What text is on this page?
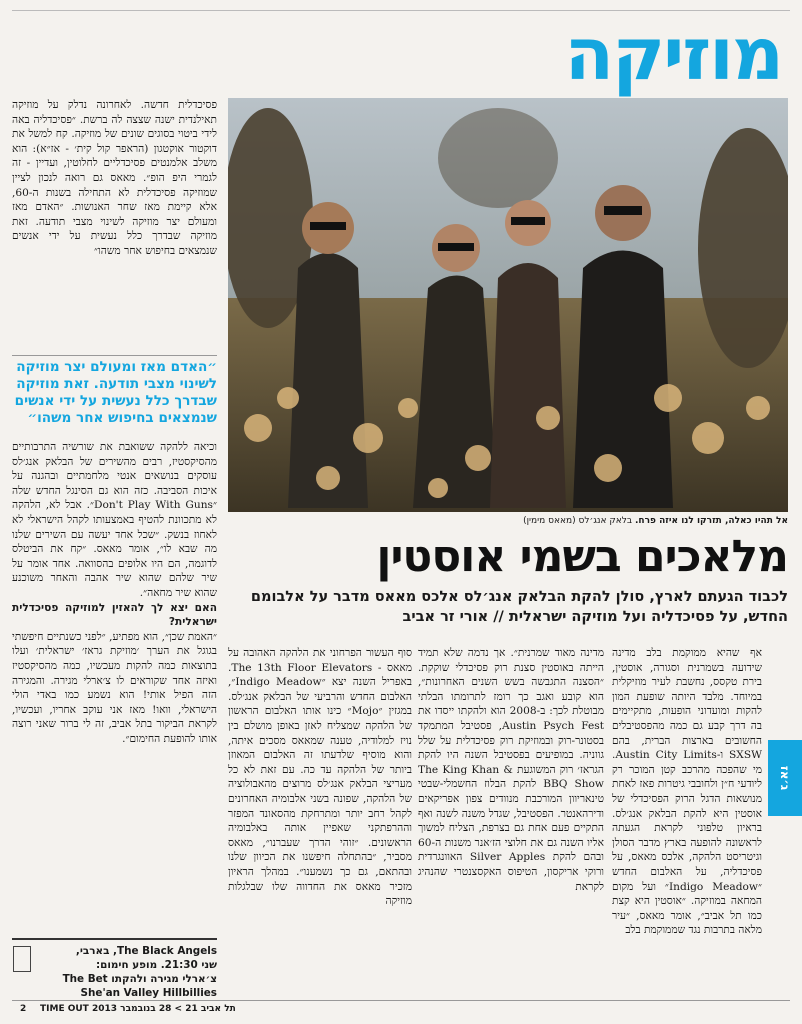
מוזיקה
אל תהיו כאלה, תזרקו לנו איזה פרח. בלאק אנג׳לס (מאאס מימין)
מלאכים בשמי אוסטין
לכבוד הגעתם לארץ, סולן להקת הבלאק אנג׳לס אלכס מאאס מדבר על אלבומם החדש, על פסיכדליה ועל מוזיקה ישראלית // אורי זר אביב

פסיכדלית חדשה. לאחרונה נדלק על מוזיקה תאילנדית ישנה שצצה לה ברשת. ״פסיכדליה באה לידי ביטוי בסוגים שונים של מוזיקה. קח למשל את דוקטור אוקטגון (הראפר קול קית׳ - אז״א): הוא משלב אלמנטים פסיכדליים לחלוטין, ועדיין - זה לגמרי היפ הופ״. מאאס גם רואה לנכון לציין שמוזיקה פסיכדלית לא התחילה בשנות ה-60, אלא קיימת מאז שחר האנושות. ״האדם מאז ומעולם יצר מוזיקה לשינוי מצבי תודעה. זאת מוזיקה שבדרך כלל נעשית על ידי אנשים שנמצאים בחיפוש אחר משהו״

״האדם מאז ומעולם יצר מוזיקה לשינוי מצבי תודעה. זאת מוזיקה שבדרך כלל נעשית על ידי אנשים שנמצאים בחיפוש אחר משהו״

וכיאה ללהקה ששואבת את שורשיה התרבותיים מהסיקסטיז, רבים מהשירים של הבלאק אנג׳לס עוסקים בנושאים אנטי מלחמתיים ובהגנה על איכות הסביבה. כזה הוא גם הסינגל החדש שלה ״Don't Play With Guns״. אבל לא, הלהקה לא מתכוונת להטיף באמצעותו לקהל הישראלי לא לאחוז בנשק. ״שכל אחד יעשה עם השירים שלנו מה שבא לו״, אומר מאאס. ״קח את הביטלס לדוגמה, הם היו אלופים בהסוואה. אחד אומר על שיר שלהם שהוא שיר אהבה והאחר משוכנע שהוא שיר מחאה״.

האם יצא לך להאזין למוזיקה פסיכדלית ישראלית?

״האמת שכן״, הוא מפתיע, ״לפני כשנתיים חיפשתי בגוגל את הערך ׳מוזיקת גראז׳ ישראלית׳ ועלו בתוצאות כמה להקות מעכשיו, כמה מהסיקסטיז ואיזה אחד שקוראים לו צ׳ארלי מגירה. והמגירה הזה הפיל אותי! הוא נשמע כמו באדי הולי הישראלי, וואו! מאז אני עוקב אחריו, ועכשיו, לקראת הביקור בתל אביב, זה לי ברור שאני רוצה אותו להופעת החימום״.

אף שהיא ממוקמת בלב מדינה שידועה בשמרנית וסגורה, אוסטין, בירת טקסס, נחשבת לעיר מוזיקלית במיוחד. מלבד היותה שופעת המון להקות ומועדוני הופעות, מתקיימים בה דרך קבע גם כמה מהפסטיבלים החשובים בארצות הברית, בהם SXSW ו-Austin City Limits. מי שהפכה מהרכב קטן המוכר רק ליודעי ח״ן ולחובבי גיטרות פאז לאחת מנושאות הדגל הרוק הפסיכדלי של אוסטין היא להקת הבלאק אנג׳לס. בראיון טלפוני לקראת הגעתה לראשונה להופעה בארץ מדבר הסולן וגיטריסט הלהקה, אלכס מאאס, על פסיכדליה, על האלבום החדש ״Indigo Meadow״ ועל מקום המחאה במוזיקה. ״אוסטין היא קצת כמו תל אביב״, אומר מאאס, ״עיר מלאה בתרבות נגד שממוקמת בלב

מדינה מאוד שמרנית״. אך נדמה שלא תמיד הייתה באוסטין סצנת רוק פסיכדלי שוקקת. ״הסצנה התגבשה בשש השנים האחרונות״, הוא קובע ואגב כך רומז לתרומתו הבלתי מבוטלת לכך: ב-2008 הוא ולהקתו ייסדו את Austin Psych Fest, פסטיבל המתמקד בסטונר-רוק ובמוזיקת רוק פסיכדלית על שלל גווניה. במופיעים בפסטיבל השנה היו להקת הגראז׳ רוק המשוגעת The King Khan & BBQ Show להקת הבלוז החשמלי-שבטי טינאריוון המורכבת מנוודים צפון אפריקאים ודירהאנטר. הפסטיבל, שגדל משנה לשנה ואף התקיים פעם אחת גם בצרפת, הצליח למשוך אליו השנה גם את חלוצי הז׳אנר משנות ה-60 ובהם להקת Silver Apples האוונגרדית ורוקי אריקסון, הטיפוס האקסצנטרי שהנהיג לקראת

סוף העשור הפרחוני את הלהקה האהובה על מאאס - The 13th Floor Elevators. באפריל השנה יצא ״Indigo Meadow״, האלבום החדש והרביעי של הבלאק אנג׳לס. במגזין ״Mojo״ כינו אותו האלבום הראשון של הלהקה שמצליח לאזן באופן מושלם בין נויז למלודיה, טענה שמאאס מסכים איתה, והוא מוסיף שלדעתו זה האלבום המאוזן ביותר של הלהקה עד כה. עם זאת לא כל מעריצי הבלאק אנג׳לס מרוצים מהאבולוציה של הלהקה, שפונה בשני אלבומיה האחרונים לקהל רחב יותר ומתרחקת מהסאונד המפזר וההרפתקני שאפיין אותה באלבומיה הראשונים. ״זוהי הדרך שעברנו״, מאאס מסביר, ״בהתחלה חיפשנו את הכיוון שלנו ובהתאם, גם כך נשמענו״. במהלך הראיון מזכיר מאאס את החדווה שלו שבלגלות מוזיקה

ג׳אז
The Black Angels, בארבי,
שני 21:30. מופע חימום:
צ׳ארלי מגירה ולהקתו The Bet
She'an Valley Hillbillies
2 TIME OUT תל אביב 21 > 28 בנובמבר 2013
